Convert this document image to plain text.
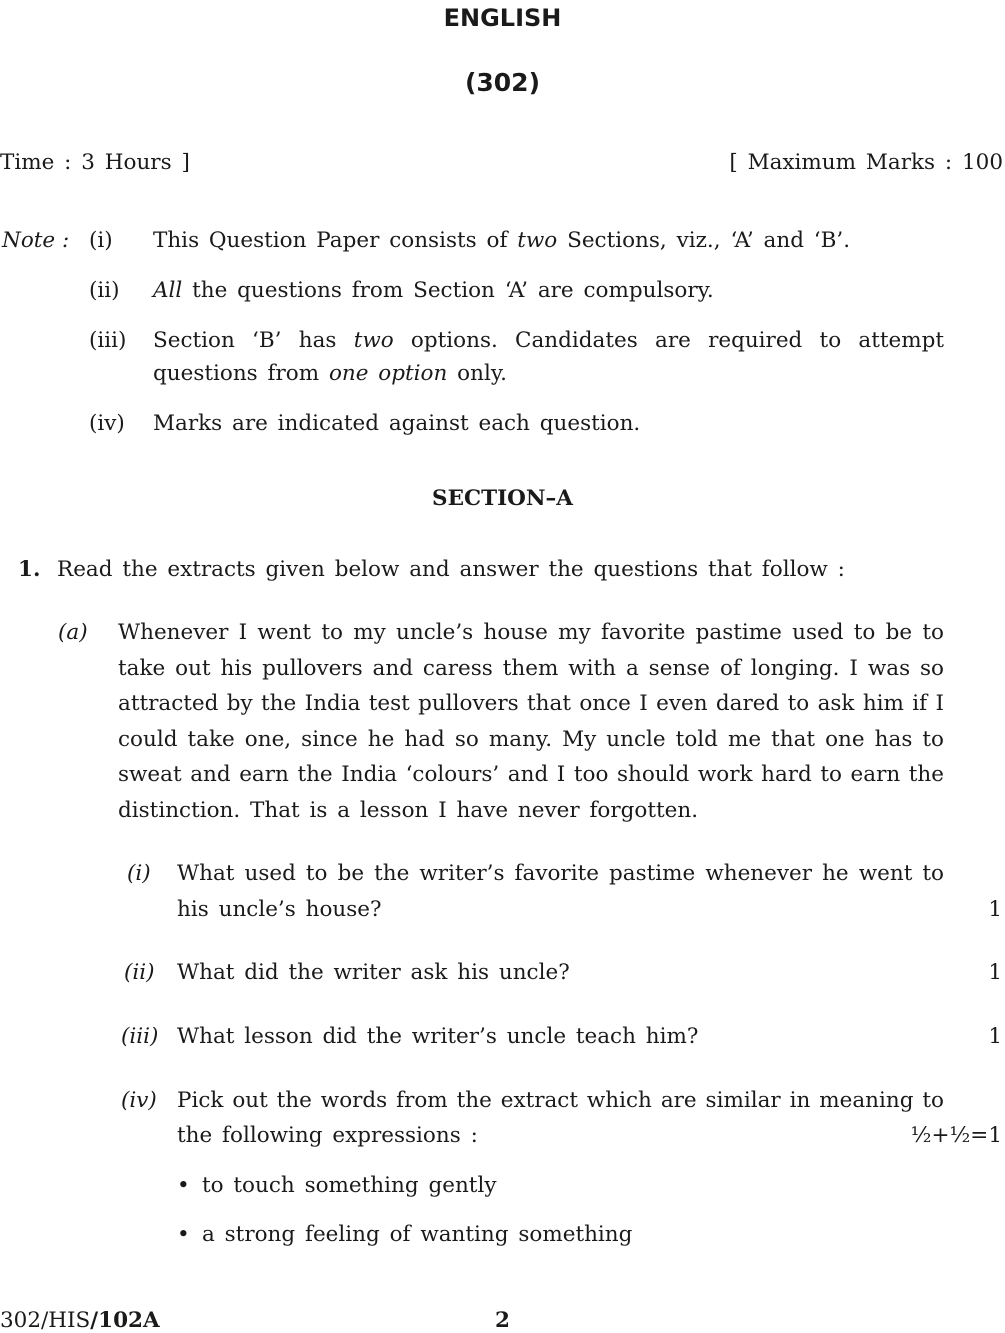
ENGLISH
(302)
Time : 3 Hours ]	[ Maximum Marks : 100
Note : (i) This Question Paper consists of two Sections, viz., ‘A’ and ‘B’.
(ii) All the questions from Section ‘A’ are compulsory.
(iii) Section ‘B’ has two options. Candidates are required to attempt
questions from one option only.
(iv) Marks are indicated against each question.
SECTION–A
1. Read the extracts given below and answer the questions that follow :
(a) Whenever I went to my uncle’s house my favorite pastime used to be to
take out his pullovers and caress them with a sense of longing. I was so
attracted by the India test pullovers that once I even dared to ask him if I
could take one, since he had so many. My uncle told me that one has to
sweat and earn the India ‘colours’ and I too should work hard to earn the
distinction. That is a lesson I have never forgotten.
(i) What used to be the writer’s favorite pastime whenever he went to
his uncle’s house?	1
(ii) What did the writer ask his uncle?	1
(iii) What lesson did the writer’s uncle teach him?	1
(iv) Pick out the words from the extract which are similar in meaning to
the following expressions :	½+½=1
• to touch something gently
• a strong feeling of wanting something
302/HIS/102A	2
